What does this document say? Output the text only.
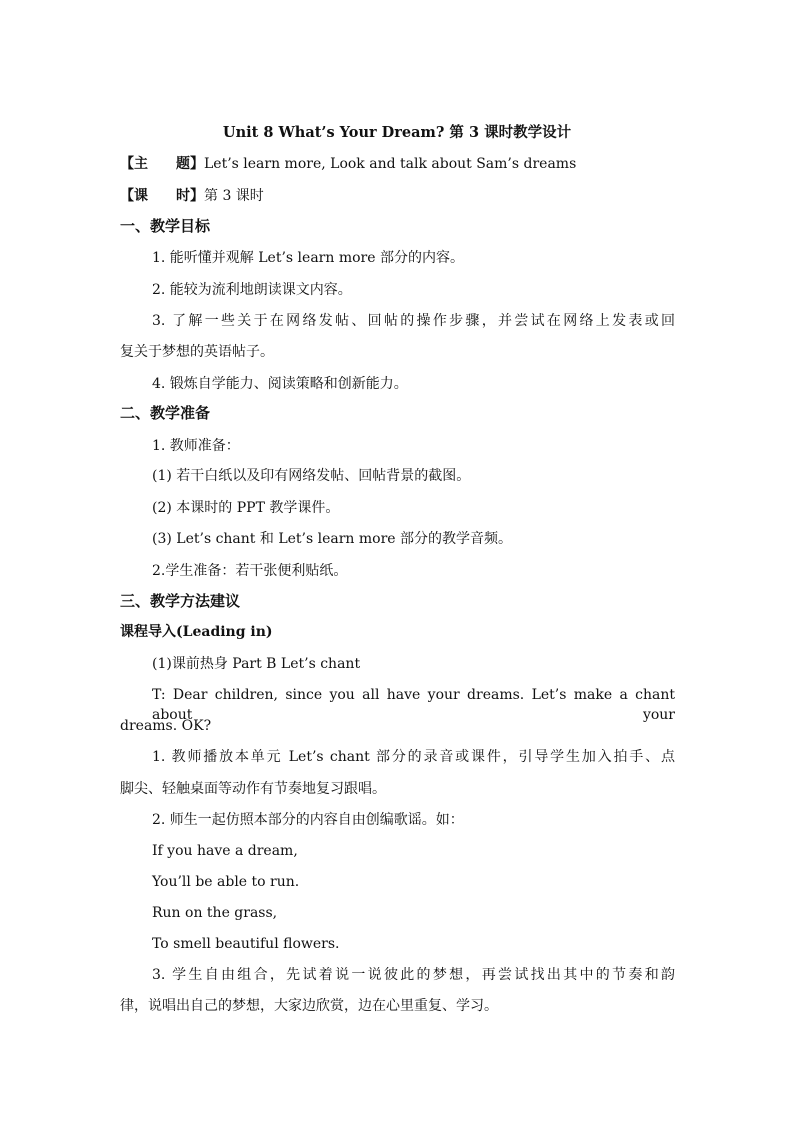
Unit 8 What’s Your Dream? 第 3 课时教学设计
【主　　题】Let’s learn more, Look and talk about Sam’s dreams
【课　　时】第 3 课时
一、教学目标
1. 能听懂并观解 Let’s learn more 部分的内容。
2. 能较为流利地朗读课文内容。
3. 了解一些关于在网络发帖、回帖的操作步骤，并尝试在网络上发表或回
复关于梦想的英语帖子。
4. 锻炼自学能力、阅读策略和创新能力。
二、教学准备
1. 教师准备：
(1) 若干白纸以及印有网络发帖、回帖背景的截图。
(2) 本课时的 PPT 教学课件。
(3) Let’s chant 和 Let’s learn more 部分的教学音频。
2.学生准备：若干张便利贴纸。
三、教学方法建议
课程导入(Leading in)
(1)课前热身 Part B Let’s chant
T: Dear children, since you all have your dreams. Let’s make a chant about your
dreams. OK?
1. 教师播放本单元 Let’s chant 部分的录音或课件，引导学生加入拍手、点
脚尖、轻触桌面等动作有节奏地复习跟唱。
2. 师生一起仿照本部分的内容自由创编歌谣。如：
If you have a dream,
You’ll be able to run.
Run on the grass,
To smell beautiful flowers.
3. 学生自由组合，先试着说一说彼此的梦想，再尝试找出其中的节奏和韵
律，说唱出自己的梦想，大家边欣赏，边在心里重复、学习。
